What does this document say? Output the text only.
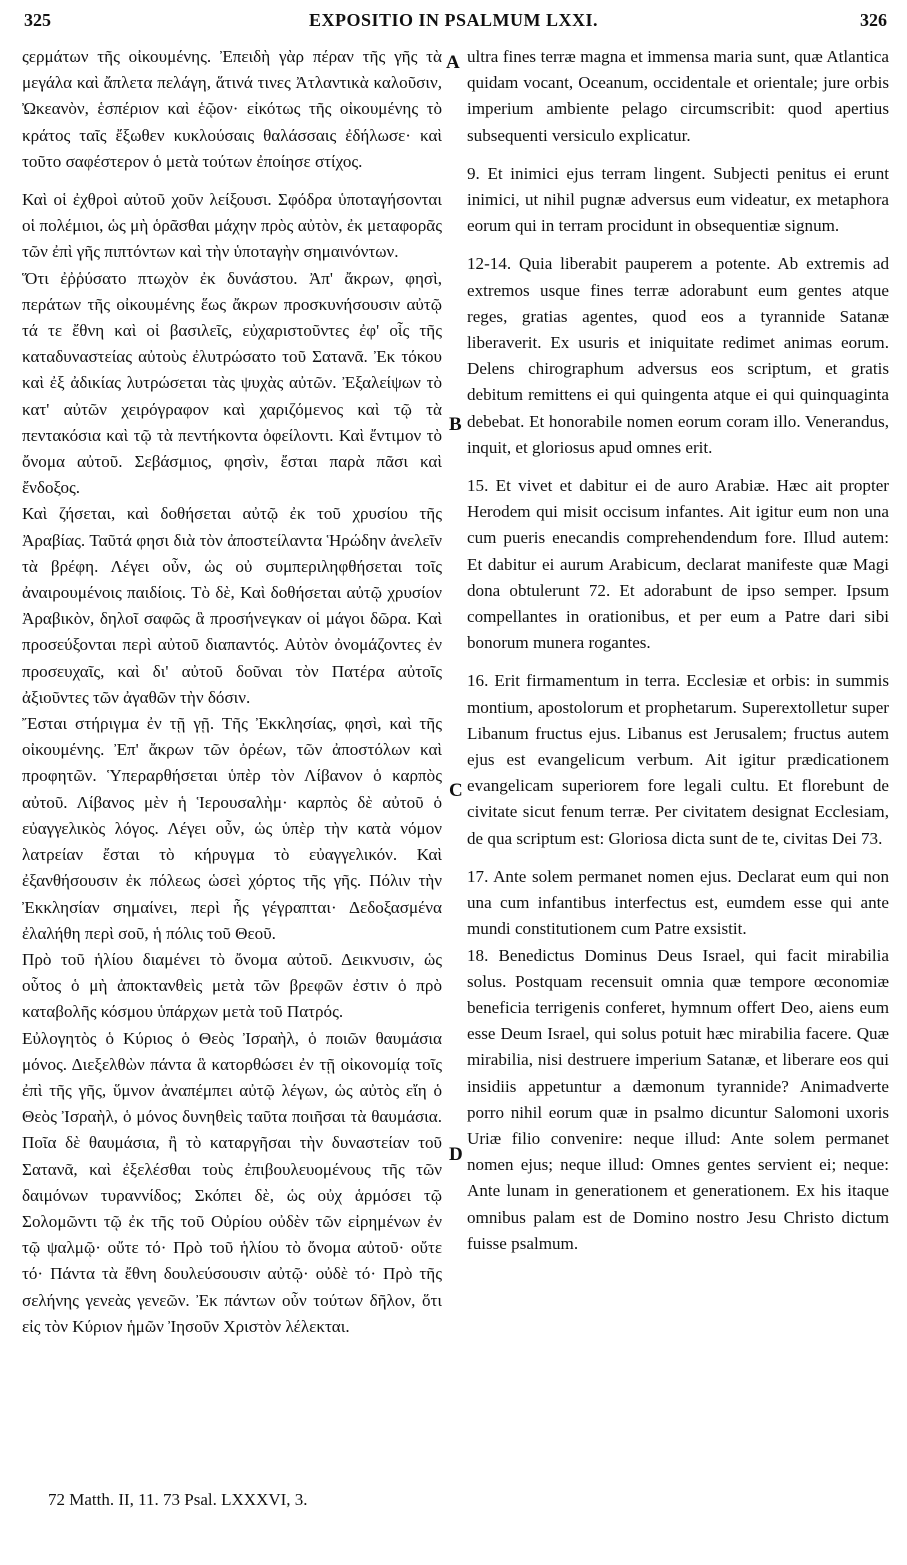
325	EXPOSITIO IN PSALMUM LXXI.	326

ςερμάτων τῆς οἰκουμένης. Ἐπειδὴ γὰρ πέραν τῆς γῆς τὰ μεγάλα καὶ ἄπλετα πελάγη, ἅτινά τινες Ἀτλαντικὰ καλοῦσιν, Ὠκεανὸν, ἑσπέριον καὶ ἑῷον· εἰκότως τῆς οἰκουμένης τὸ κράτος ταῖς ἔξωθεν κυκλούσαις θαλάσσαις ἐδήλωσε· καὶ τοῦτο σαφέστερον ὁ μετὰ τούτων ἐποίησε στίχος.

Καὶ οἱ ἐχθροὶ αὐτοῦ χοῦν λείξουσι. Σφόδρα ὑποταγήσονται οἱ πολέμιοι, ὡς μὴ ὁρᾶσθαι μάχην πρὸς αὐτὸν, ἐκ μεταφορᾶς τῶν ἐπὶ γῆς πιπτόντων καὶ τὴν ὑποταγὴν σημαινόντων.

Ὅτι ἐῤῥύσατο πτωχὸν ἐκ δυνάστου. Ἀπ' ἄκρων, φησὶ, περάτων τῆς οἰκουμένης ἕως ἄκρων προσκυνήσουσιν αὐτῷ τά τε ἔθνη καὶ οἱ βασιλεῖς, εὐχαριστοῦντες ἐφ' οἷς τῆς καταδυναστείας αὐτοὺς ἐλυτρώσατο τοῦ Σατανᾶ. Ἐκ τόκου καὶ ἐξ ἀδικίας λυτρώσεται τὰς ψυχὰς αὐτῶν. Ἐξαλείψων τὸ κατ' αὐτῶν χειρόγραφον καὶ χαριζόμενος καὶ τῷ τὰ πεντακόσια καὶ τῷ τὰ πεντήκοντα ὀφείλοντι. Καὶ ἔντιμον τὸ ὄνομα αὐτοῦ. Σεβάσμιος, φησὶν, ἔσται παρὰ πᾶσι καὶ ἔνδοξος.

Καὶ ζήσεται, καὶ δοθήσεται αὐτῷ ἐκ τοῦ χρυσίου τῆς Ἀραβίας. Ταῦτά φησι διὰ τὸν ἀποστείλαντα Ἡρώδην ἀνελεῖν τὰ βρέφη. Λέγει οὖν, ὡς οὐ συμπεριληφθήσεται τοῖς ἀναιρουμένοις παιδίοις. Τὸ δὲ, Καὶ δοθήσεται αὐτῷ χρυσίον Ἀραβικὸν, δηλοῖ σαφῶς ἃ προσήνεγκαν οἱ μάγοι δῶρα. Καὶ προσεύξονται περὶ αὐτοῦ διαπαντός. Αὐτὸν ὀνομάζοντες ἐν προσευχαῖς, καὶ δι' αὐτοῦ δοῦναι τὸν Πατέρα αὐτοῖς ἀξιοῦντες τῶν ἀγαθῶν τὴν δόσιν.

Ἔσται στήριγμα ἐν τῇ γῇ. Τῆς Ἐκκλησίας, φησὶ, καὶ τῆς οἰκουμένης. Ἐπ' ἄκρων τῶν ὀρέων, τῶν ἀποστόλων καὶ προφητῶν. Ὑπεραρθήσεται ὑπὲρ τὸν Λίβανον ὁ καρπὸς αὐτοῦ. Λίβανος μὲν ἡ Ἱερουσαλὴμ· καρπὸς δὲ αὐτοῦ ὁ εὐαγγελικὸς λόγος. Λέγει οὖν, ὡς ὑπὲρ τὴν κατὰ νόμον λατρείαν ἔσται τὸ κήρυγμα τὸ εὐαγγελικόν. Καὶ ἐξανθήσουσιν ἐκ πόλεως ὡσεὶ χόρτος τῆς γῆς. Πόλιν τὴν Ἐκκλησίαν σημαίνει, περὶ ἧς γέγραπται· Δεδοξασμένα ἐλαλήθη περὶ σοῦ, ἡ πόλις τοῦ Θεοῦ.

Πρὸ τοῦ ἡλίου διαμένει τὸ ὄνομα αὐτοῦ. Δεικνυσιν, ὡς οὗτος ὁ μὴ ἀποκτανθεὶς μετὰ τῶν βρεφῶν ἐστιν ὁ πρὸ καταβολῆς κόσμου ὑπάρχων μετὰ τοῦ Πατρός.

Εὐλογητὸς ὁ Κύριος ὁ Θεὸς Ἰσραὴλ, ὁ ποιῶν θαυμάσια μόνος. Διεξελθὼν πάντα ἃ κατορθώσει ἐν τῇ οἰκονομίᾳ τοῖς ἐπὶ τῆς γῆς, ὕμνον ἀναπέμπει αὐτῷ λέγων, ὡς αὐτὸς εἴη ὁ Θεὸς Ἰσραὴλ, ὁ μόνος δυνηθεὶς ταῦτα ποιῆσαι τὰ θαυμάσια. Ποῖα δὲ θαυμάσια, ἢ τὸ καταργῆσαι τὴν δυναστείαν τοῦ Σατανᾶ, καὶ ἐξελέσθαι τοὺς ἐπιβουλευομένους τῆς τῶν δαιμόνων τυραννίδος; Σκόπει δὲ, ὡς οὐχ ἁρμόσει τῷ Σολομῶντι τῷ ἐκ τῆς τοῦ Οὐρίου οὐδὲν τῶν εἰρημένων ἐν τῷ ψαλμῷ· οὔτε τό· Πρὸ τοῦ ἡλίου τὸ ὄνομα αὐτοῦ· οὔτε τό· Πάντα τὰ ἔθνη δουλεύσουσιν αὐτῷ· οὐδὲ τό· Πρὸ τῆς σελήνης γενεὰς γενεῶν. Ἐκ πάντων οὖν τούτων δῆλον, ὅτι εἰς τὸν Κύριον ἡμῶν Ἰησοῦν Χριστὸν λέλεκται.

A
B
C
D

ultra fines terræ magna et immensa maria sunt, quæ Atlantica quidam vocant, Oceanum, occidentale et orientale; jure orbis imperium ambiente pelago circumscribit: quod apertius subsequenti versiculo explicatur.

9. Et inimici ejus terram lingent. Subjecti penitus ei erunt inimici, ut nihil pugnæ adversus eum videatur, ex metaphora eorum qui in terram procidunt in obsequentiæ signum.

12-14. Quia liberabit pauperem a potente. Ab extremis ad extremos usque fines terræ adorabunt eum gentes atque reges, gratias agentes, quod eos a tyrannide Satanæ liberaverit. Ex usuris et iniquitate redimet animas eorum. Delens chirographum adversus eos scriptum, et gratis debitum remittens ei qui quingenta atque ei qui quinquaginta debebat. Et honorabile nomen eorum coram illo. Venerandus, inquit, et gloriosus apud omnes erit.

15. Et vivet et dabitur ei de auro Arabiæ. Hæc ait propter Herodem qui misit occisum infantes. Ait igitur eum non una cum pueris enecandis comprehendendum fore. Illud autem: Et dabitur ei aurum Arabicum, declarat manifeste quæ Magi dona obtulerunt 72. Et adorabunt de ipso semper. Ipsum compellantes in orationibus, et per eum a Patre dari sibi bonorum munera rogantes.

16. Erit firmamentum in terra. Ecclesiæ et orbis: in summis montium, apostolorum et prophetarum. Superextolletur super Libanum fructus ejus. Libanus est Jerusalem; fructus autem ejus est evangelicum verbum. Ait igitur prædicationem evangelicam superiorem fore legali cultu. Et florebunt de civitate sicut fenum terræ. Per civitatem designat Ecclesiam, de qua scriptum est: Gloriosa dicta sunt de te, civitas Dei 73.

17. Ante solem permanet nomen ejus. Declarat eum qui non una cum infantibus interfectus est, eumdem esse qui ante mundi constitutionem cum Patre exsistit.

18. Benedictus Dominus Deus Israel, qui facit mirabilia solus. Postquam recensuit omnia quæ tempore œconomiæ beneficia terrigenis conferet, hymnum offert Deo, aiens eum esse Deum Israel, qui solus potuit hæc mirabilia facere. Quæ mirabilia, nisi destruere imperium Satanæ, et liberare eos qui insidiis appetuntur a dæmonum tyrannide? Animadverte porro nihil eorum quæ in psalmo dicuntur Salomoni uxoris Uriæ filio convenire: neque illud: Ante solem permanet nomen ejus; neque illud: Omnes gentes servient ei; neque: Ante lunam in generationem et generationem. Ex his itaque omnibus palam est de Domino nostro Jesu Christo dictum fuisse psalmum.

72 Matth. II, 11. 73 Psal. LXXXVI, 3.
